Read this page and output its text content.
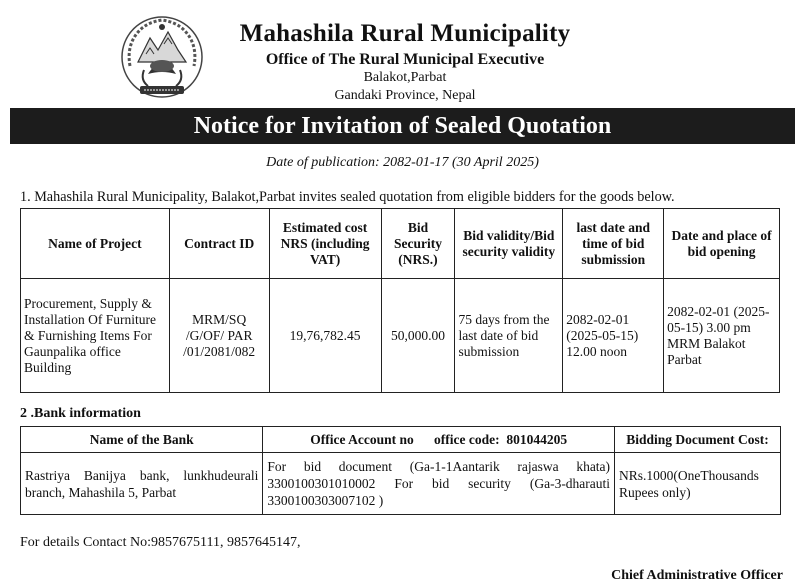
Mahashila Rural Municipality
Office of The Rural Municipal Executive
Balakot,Parbat
Gandaki Province, Nepal
Notice for Invitation of Sealed Quotation
Date of publication: 2082-01-17 (30 April 2025)
1. Mahashila Rural Municipality, Balakot,Parbat invites sealed quotation from eligible bidders for the goods below.
Name of Project	Contract ID	Estimated cost NRS (including VAT)	Bid Security (NRS.)	Bid validity/Bid security validity	last date and time of bid submission	Date and place of bid opening
Procurement, Supply & Installation Of Furniture & Furnishing Items For Gaunpalika office Building	MRM/SQ /G/OF/ PAR /01/2081/082	19,76,782.45	50,000.00	75 days from the last date of bid submission	2082-02-01 (2025-05-15) 12.00 noon	2082-02-01 (2025-05-15) 3.00 pm MRM Balakot Parbat
2 .Bank information
Name of the Bank	Office Account no      office code:  801044205	Bidding Document Cost:
Rastriya Banijya bank, lunkhudeurali branch, Mahashila 5, Parbat	For bid document (Ga-1-1Aantarik rajaswa khata) 3300100301010002 For bid security (Ga-3-dharauti 3300100303007102 )	NRs.1000(OneThousands Rupees only)
For details Contact No:9857675111, 9857645147,
Chief Administrative Officer
